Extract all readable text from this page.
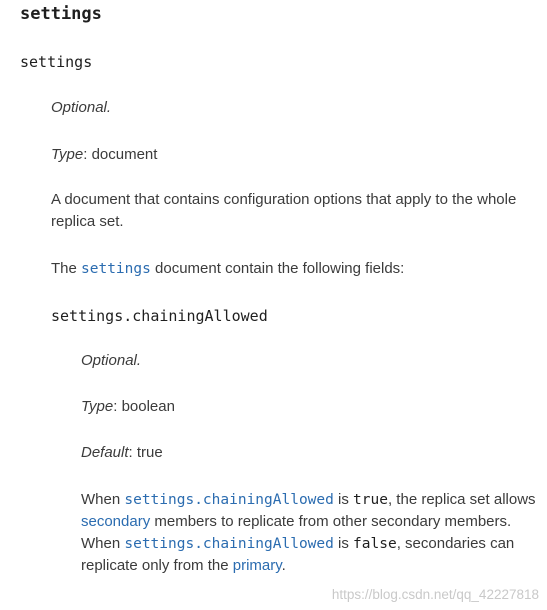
settings
settings
Optional.
Type: document
A document that contains configuration options that apply to the whole replica set.
The settings document contain the following fields:
settings.chainingAllowed
Optional.
Type: boolean
Default: true
When settings.chainingAllowed is true, the replica set allows secondary members to replicate from other secondary members. When settings.chainingAllowed is false, secondaries can replicate only from the primary.
https://blog.csdn.net/qq_42227818
